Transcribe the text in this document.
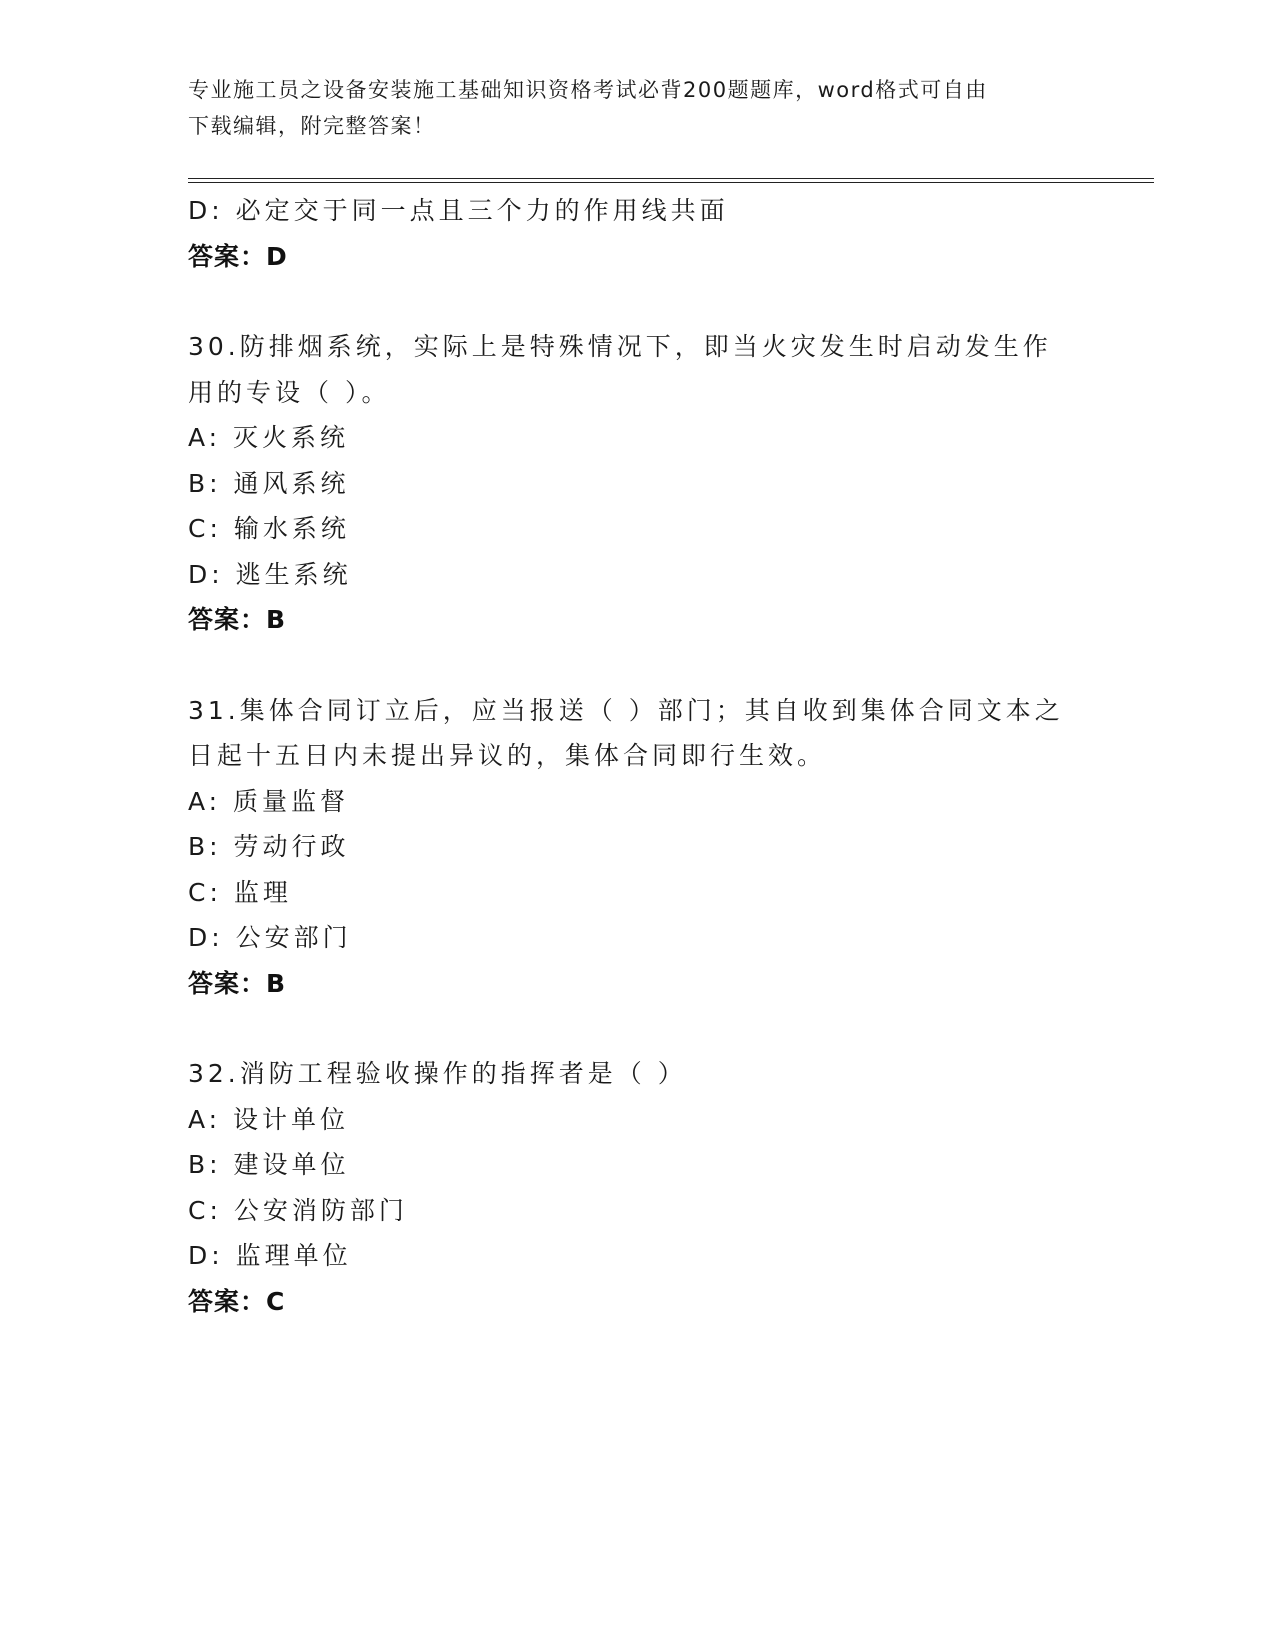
专业施工员之设备安装施工基础知识资格考试必背200题题库，word格式可自由
下载编辑，附完整答案！
D: 必定交于同一点且三个力的作用线共面
答案：D
30.防排烟系统，实际上是特殊情况下，即当火灾发生时启动发生作用的专设（ ）。
A: 灭火系统
B: 通风系统
C: 输水系统
D: 逃生系统
答案：B
31.集体合同订立后，应当报送（ ）部门；其自收到集体合同文本之日起十五日内未提出异议的，集体合同即行生效。
A: 质量监督
B: 劳动行政
C: 监理
D: 公安部门
答案：B
32.消防工程验收操作的指挥者是（ ）
A: 设计单位
B: 建设单位
C: 公安消防部门
D: 监理单位
答案：C
